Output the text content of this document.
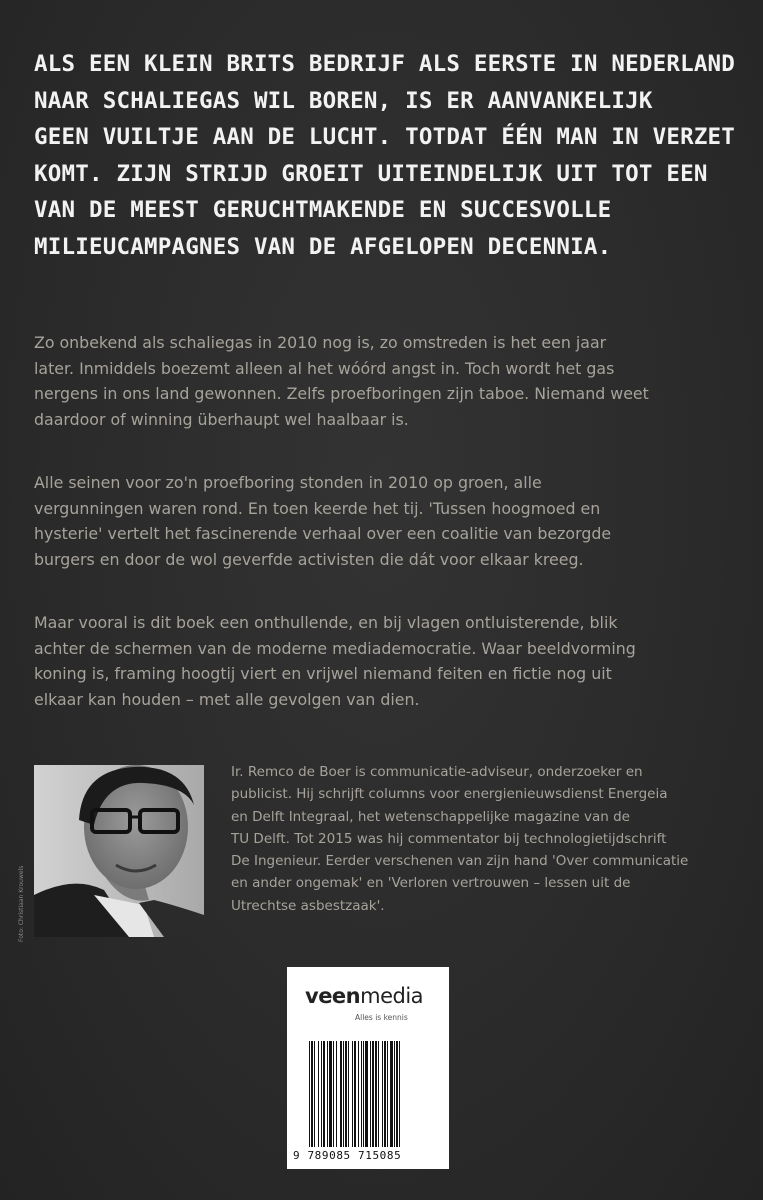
ALS EEN KLEIN BRITS BEDRIJF ALS EERSTE IN NEDERLAND
NAAR SCHALIEGAS WIL BOREN, IS ER AANVANKELIJK
GEEN VUILTJE AAN DE LUCHT. TOTDAT ÉÉN MAN IN VERZET
KOMT. ZIJN STRIJD GROEIT UITEINDELIJK UIT TOT EEN
VAN DE MEEST GERUCHTMAKENDE EN SUCCESVOLLE
MILIEUCAMPAGNES VAN DE AFGELOPEN DECENNIA.
Zo onbekend als schaliegas in 2010 nog is, zo omstreden is het een jaar
later. Inmiddels boezemt alleen al het wóórd angst in. Toch wordt het gas
nergens in ons land gewonnen. Zelfs proefboringen zijn taboe. Niemand weet
daardoor of winning überhaupt wel haalbaar is.
Alle seinen voor zo'n proefboring stonden in 2010 op groen, alle
vergunningen waren rond. En toen keerde het tij. 'Tussen hoogmoed en
hysterie' vertelt het fascinerende verhaal over een coalitie van bezorgde
burgers en door de wol geverfde activisten die dát voor elkaar kreeg.
Maar vooral is dit boek een onthullende, en bij vlagen ontluisterende, blik
achter de schermen van de moderne mediademocratie. Waar beeldvorming
koning is, framing hoogtij viert en vrijwel niemand feiten en fictie nog uit
elkaar kan houden – met alle gevolgen van dien.
Foto: Christiaan Krouwels
Ir. Remco de Boer is communicatie-adviseur, onderzoeker en
publicist. Hij schrijft columns voor energienieuwsdienst Energeia
en Delft Integraal, het wetenschappelijke magazine van de
TU Delft. Tot 2015 was hij commentator bij technologietijdschrift
De Ingenieur. Eerder verschenen van zijn hand 'Over communicatie
en ander ongemak' en 'Verloren vertrouwen – lessen uit de
Utrechtse asbestzaak'.
veenmedia
Alles is kennis
9 789085 715085
